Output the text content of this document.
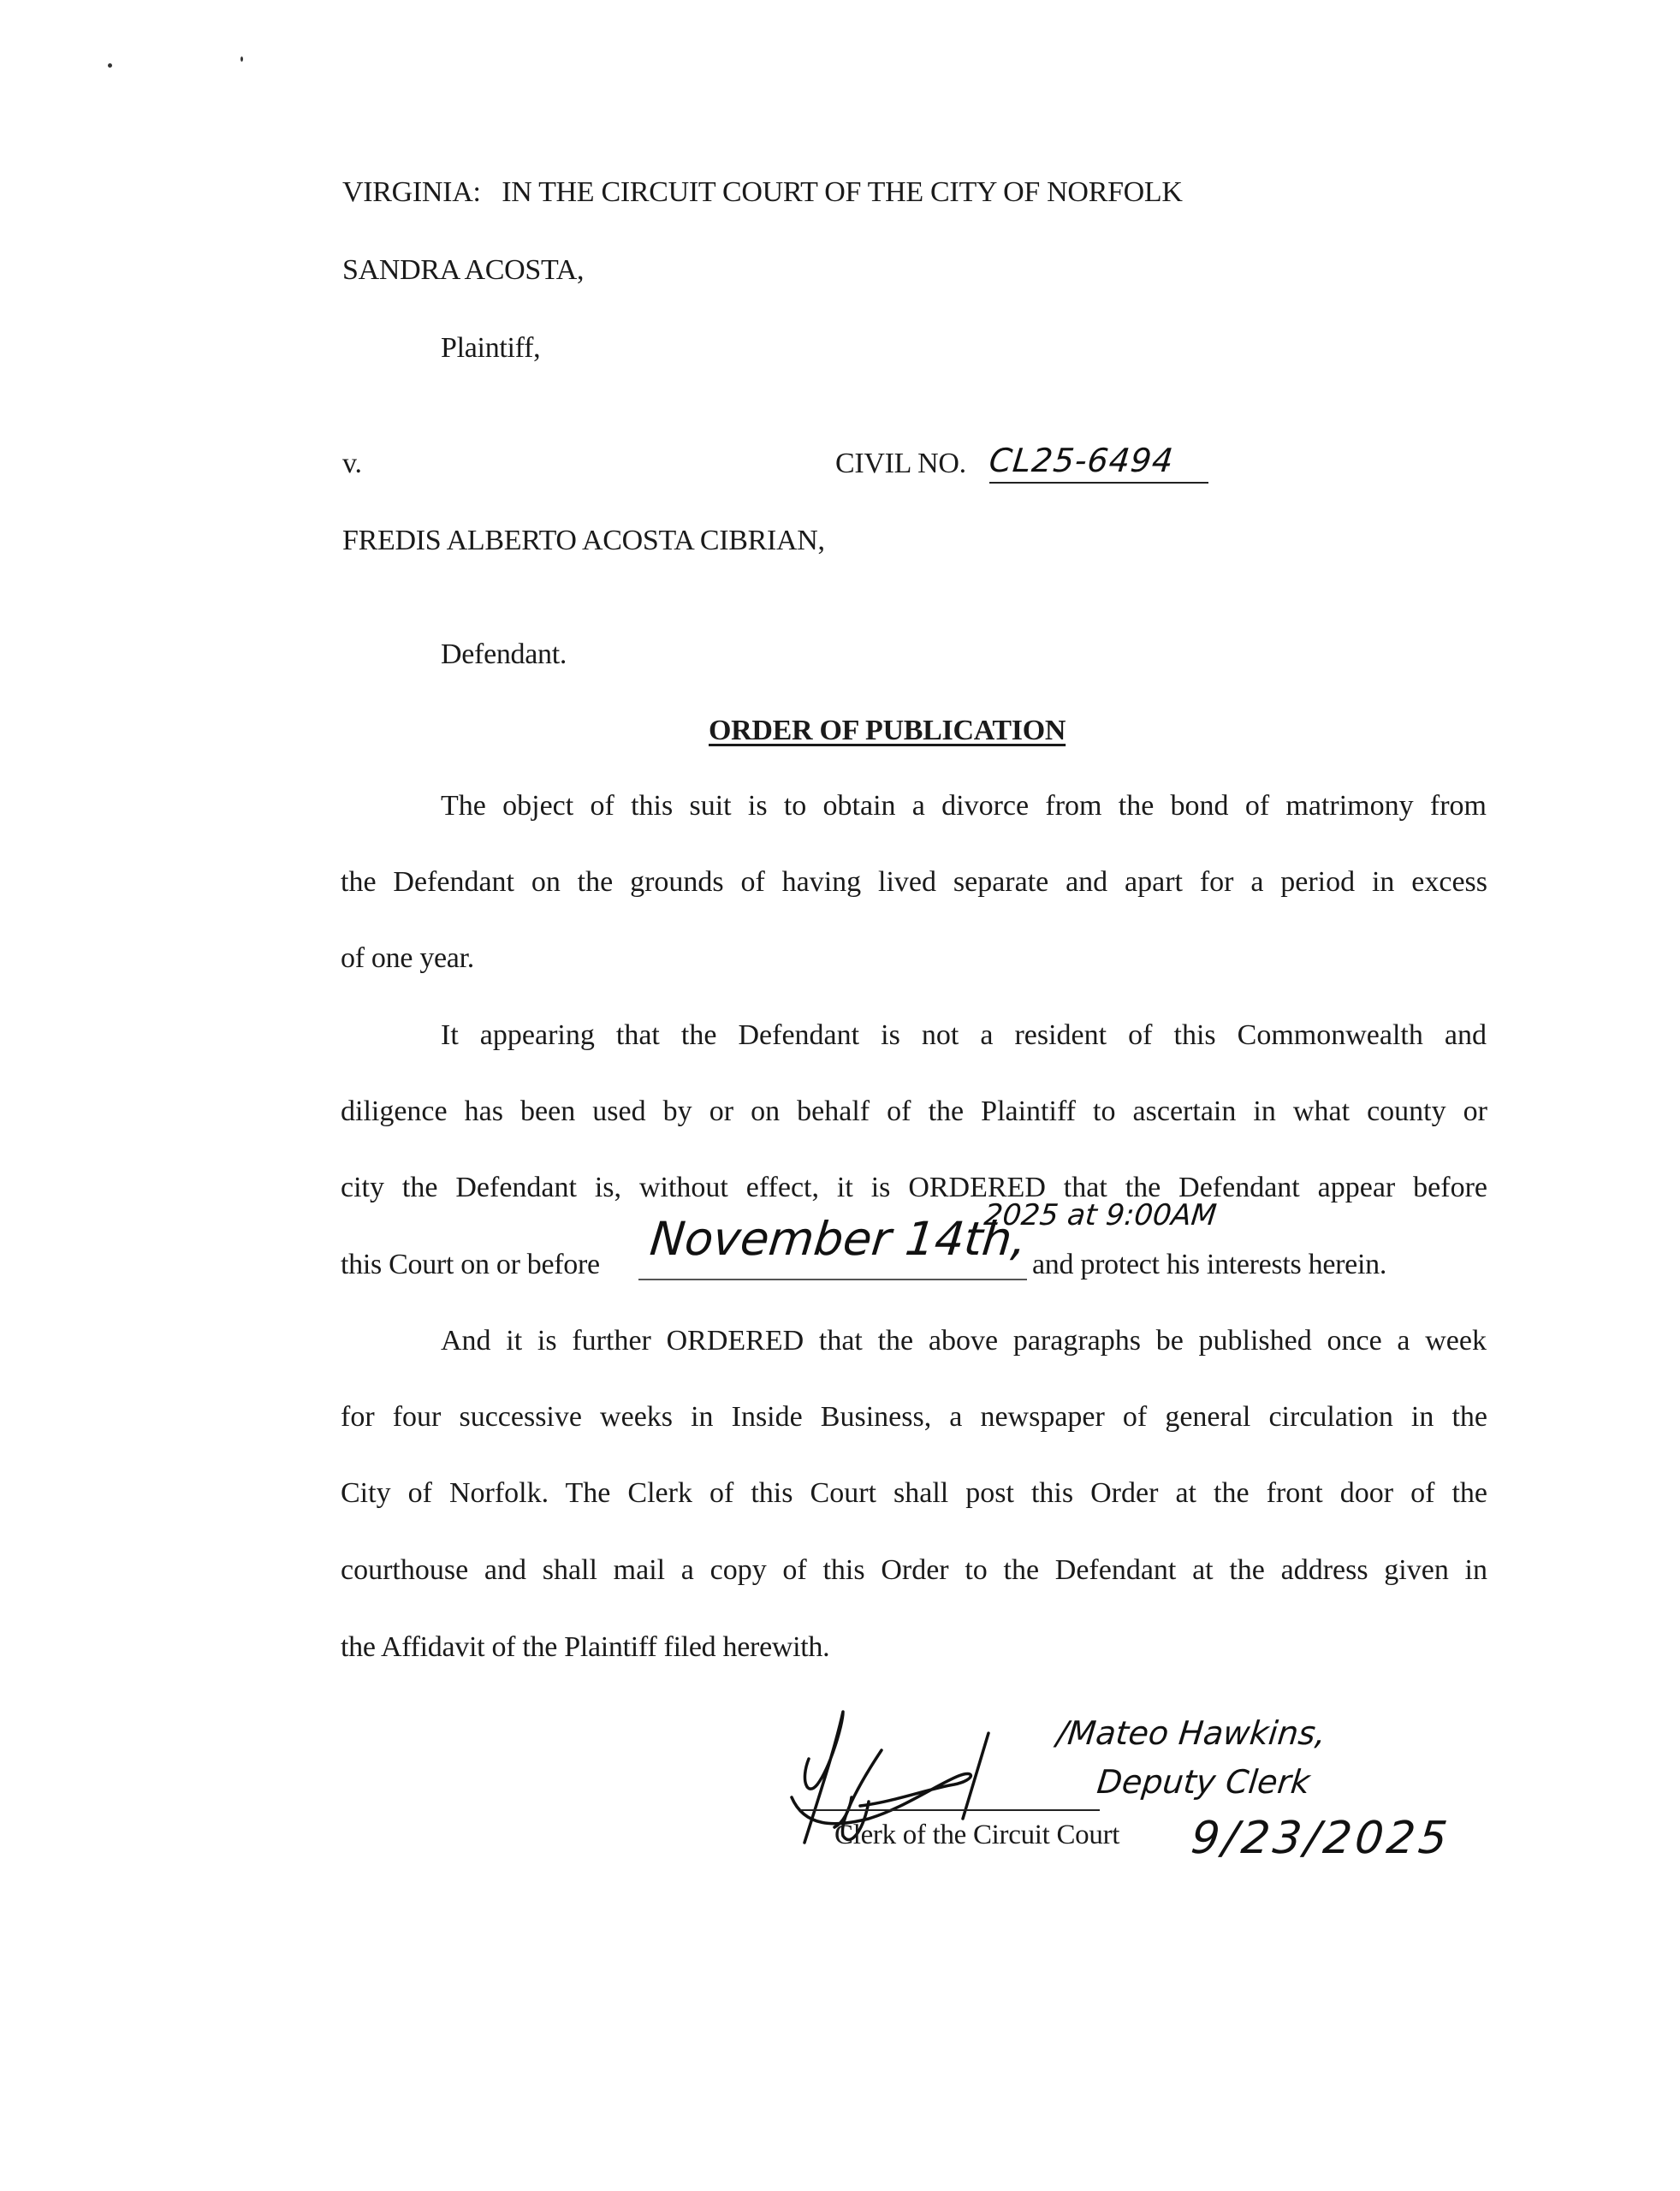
VIRGINIA:   IN THE CIRCUIT COURT OF THE CITY OF NORFOLK
SANDRA ACOSTA,
Plaintiff,
v.	CIVIL NO. CL25-6494
FREDIS ALBERTO ACOSTA CIBRIAN,
Defendant.
ORDER OF PUBLICATION
The object of this suit is to obtain a divorce from the bond of matrimony from
the Defendant on the grounds of having lived separate and apart for a period in excess
of one year.
It appearing that the Defendant is not a resident of this Commonwealth and
diligence has been used by or on behalf of the Plaintiff to ascertain in what county or
city the Defendant is, without effect, it is ORDERED that the Defendant appear before
this Court on or before November 14th,
2025 at 9:00AM
and protect his interests herein.
And it is further ORDERED that the above paragraphs be published once a week
for four successive weeks in Inside Business, a newspaper of general circulation in the
City of Norfolk. The Clerk of this Court shall post this Order at the front door of the
courthouse and shall mail a copy of this Order to the Defendant at the address given in
the Affidavit of the Plaintiff filed herewith.
/Mateo Hawkins,
Deputy Clerk
Clerk of the Circuit Court 9/23/2025
